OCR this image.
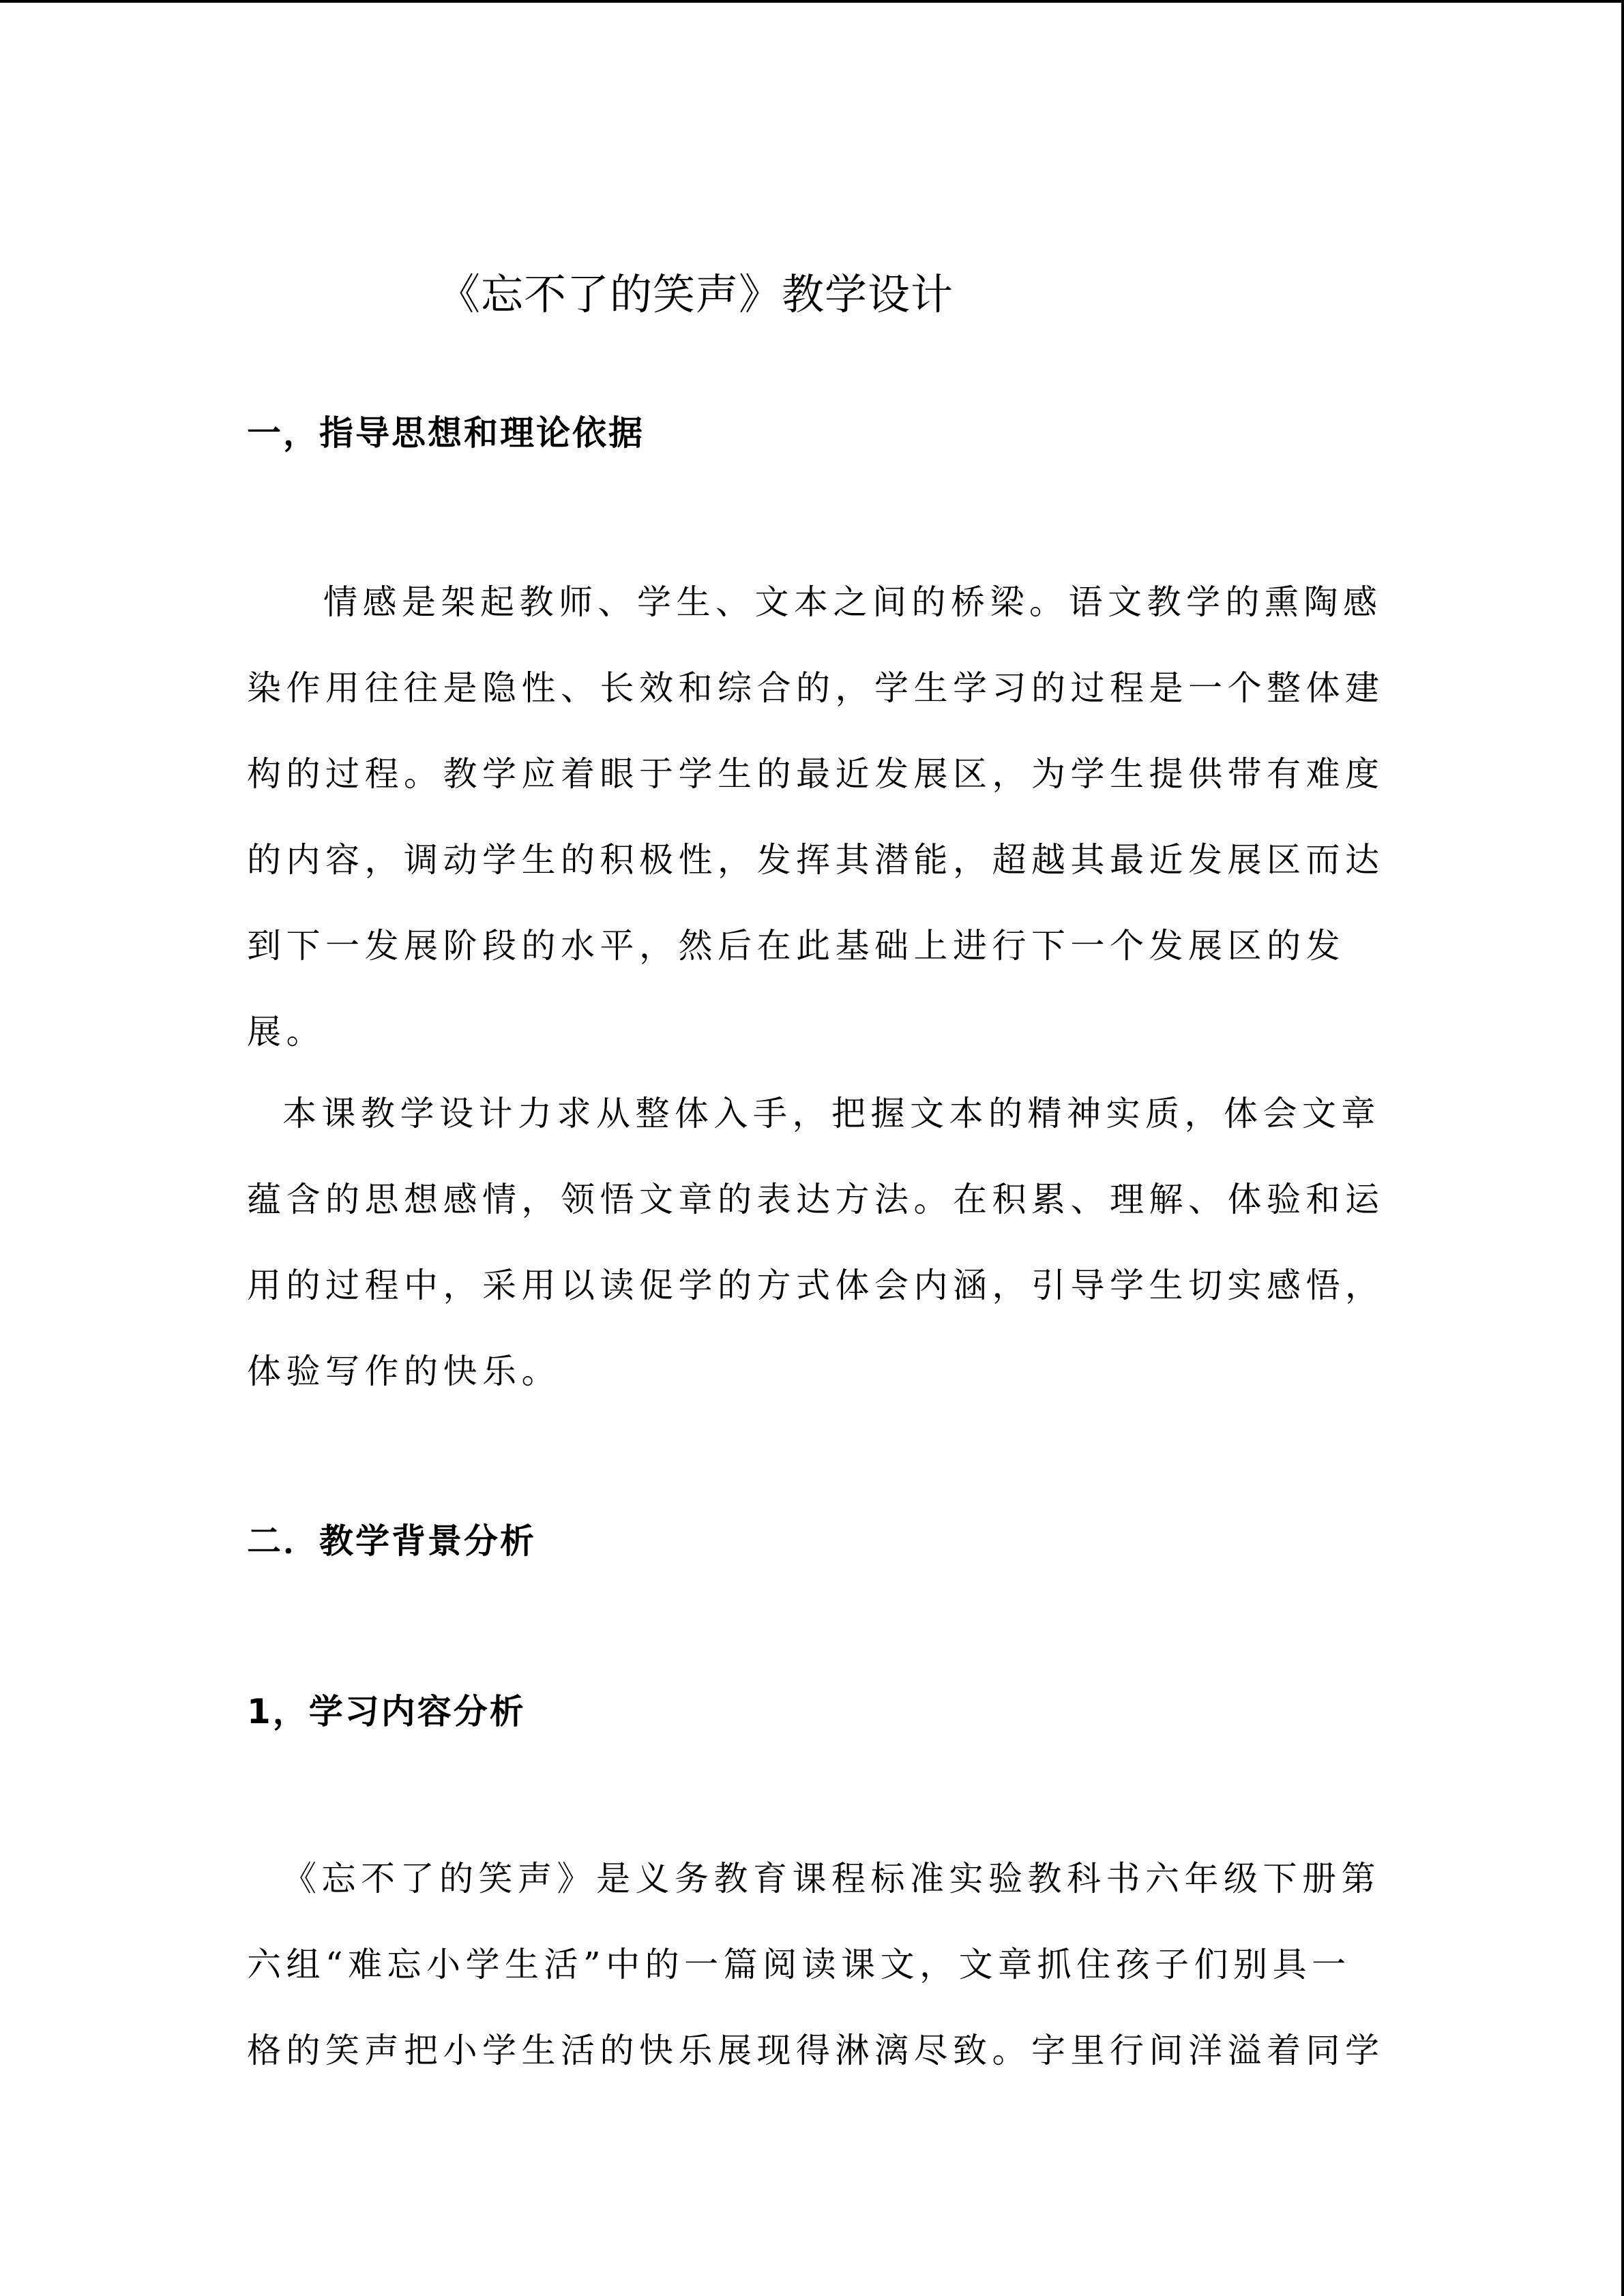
《忘不了的笑声》教学设计
一，指导思想和理论依据
情感是架起教师、学生、文本之间的桥梁。语文教学的熏陶感
染作用往往是隐性、长效和综合的，学生学习的过程是一个整体建
构的过程。教学应着眼于学生的最近发展区，为学生提供带有难度
的内容，调动学生的积极性，发挥其潜能，超越其最近发展区而达
到下一发展阶段的水平，然后在此基础上进行下一个发展区的发
展。
本课教学设计力求从整体入手，把握文本的精神实质，体会文章
蕴含的思想感情，领悟文章的表达方法。在积累、理解、体验和运
用的过程中，采用以读促学的方式体会内涵，引导学生切实感悟，
体验写作的快乐。
二．教学背景分析
1，学习内容分析
《忘不了的笑声》是义务教育课程标准实验教科书六年级下册第
六组“难忘小学生活”中的一篇阅读课文，文章抓住孩子们别具一
格的笑声把小学生活的快乐展现得淋漓尽致。字里行间洋溢着同学
